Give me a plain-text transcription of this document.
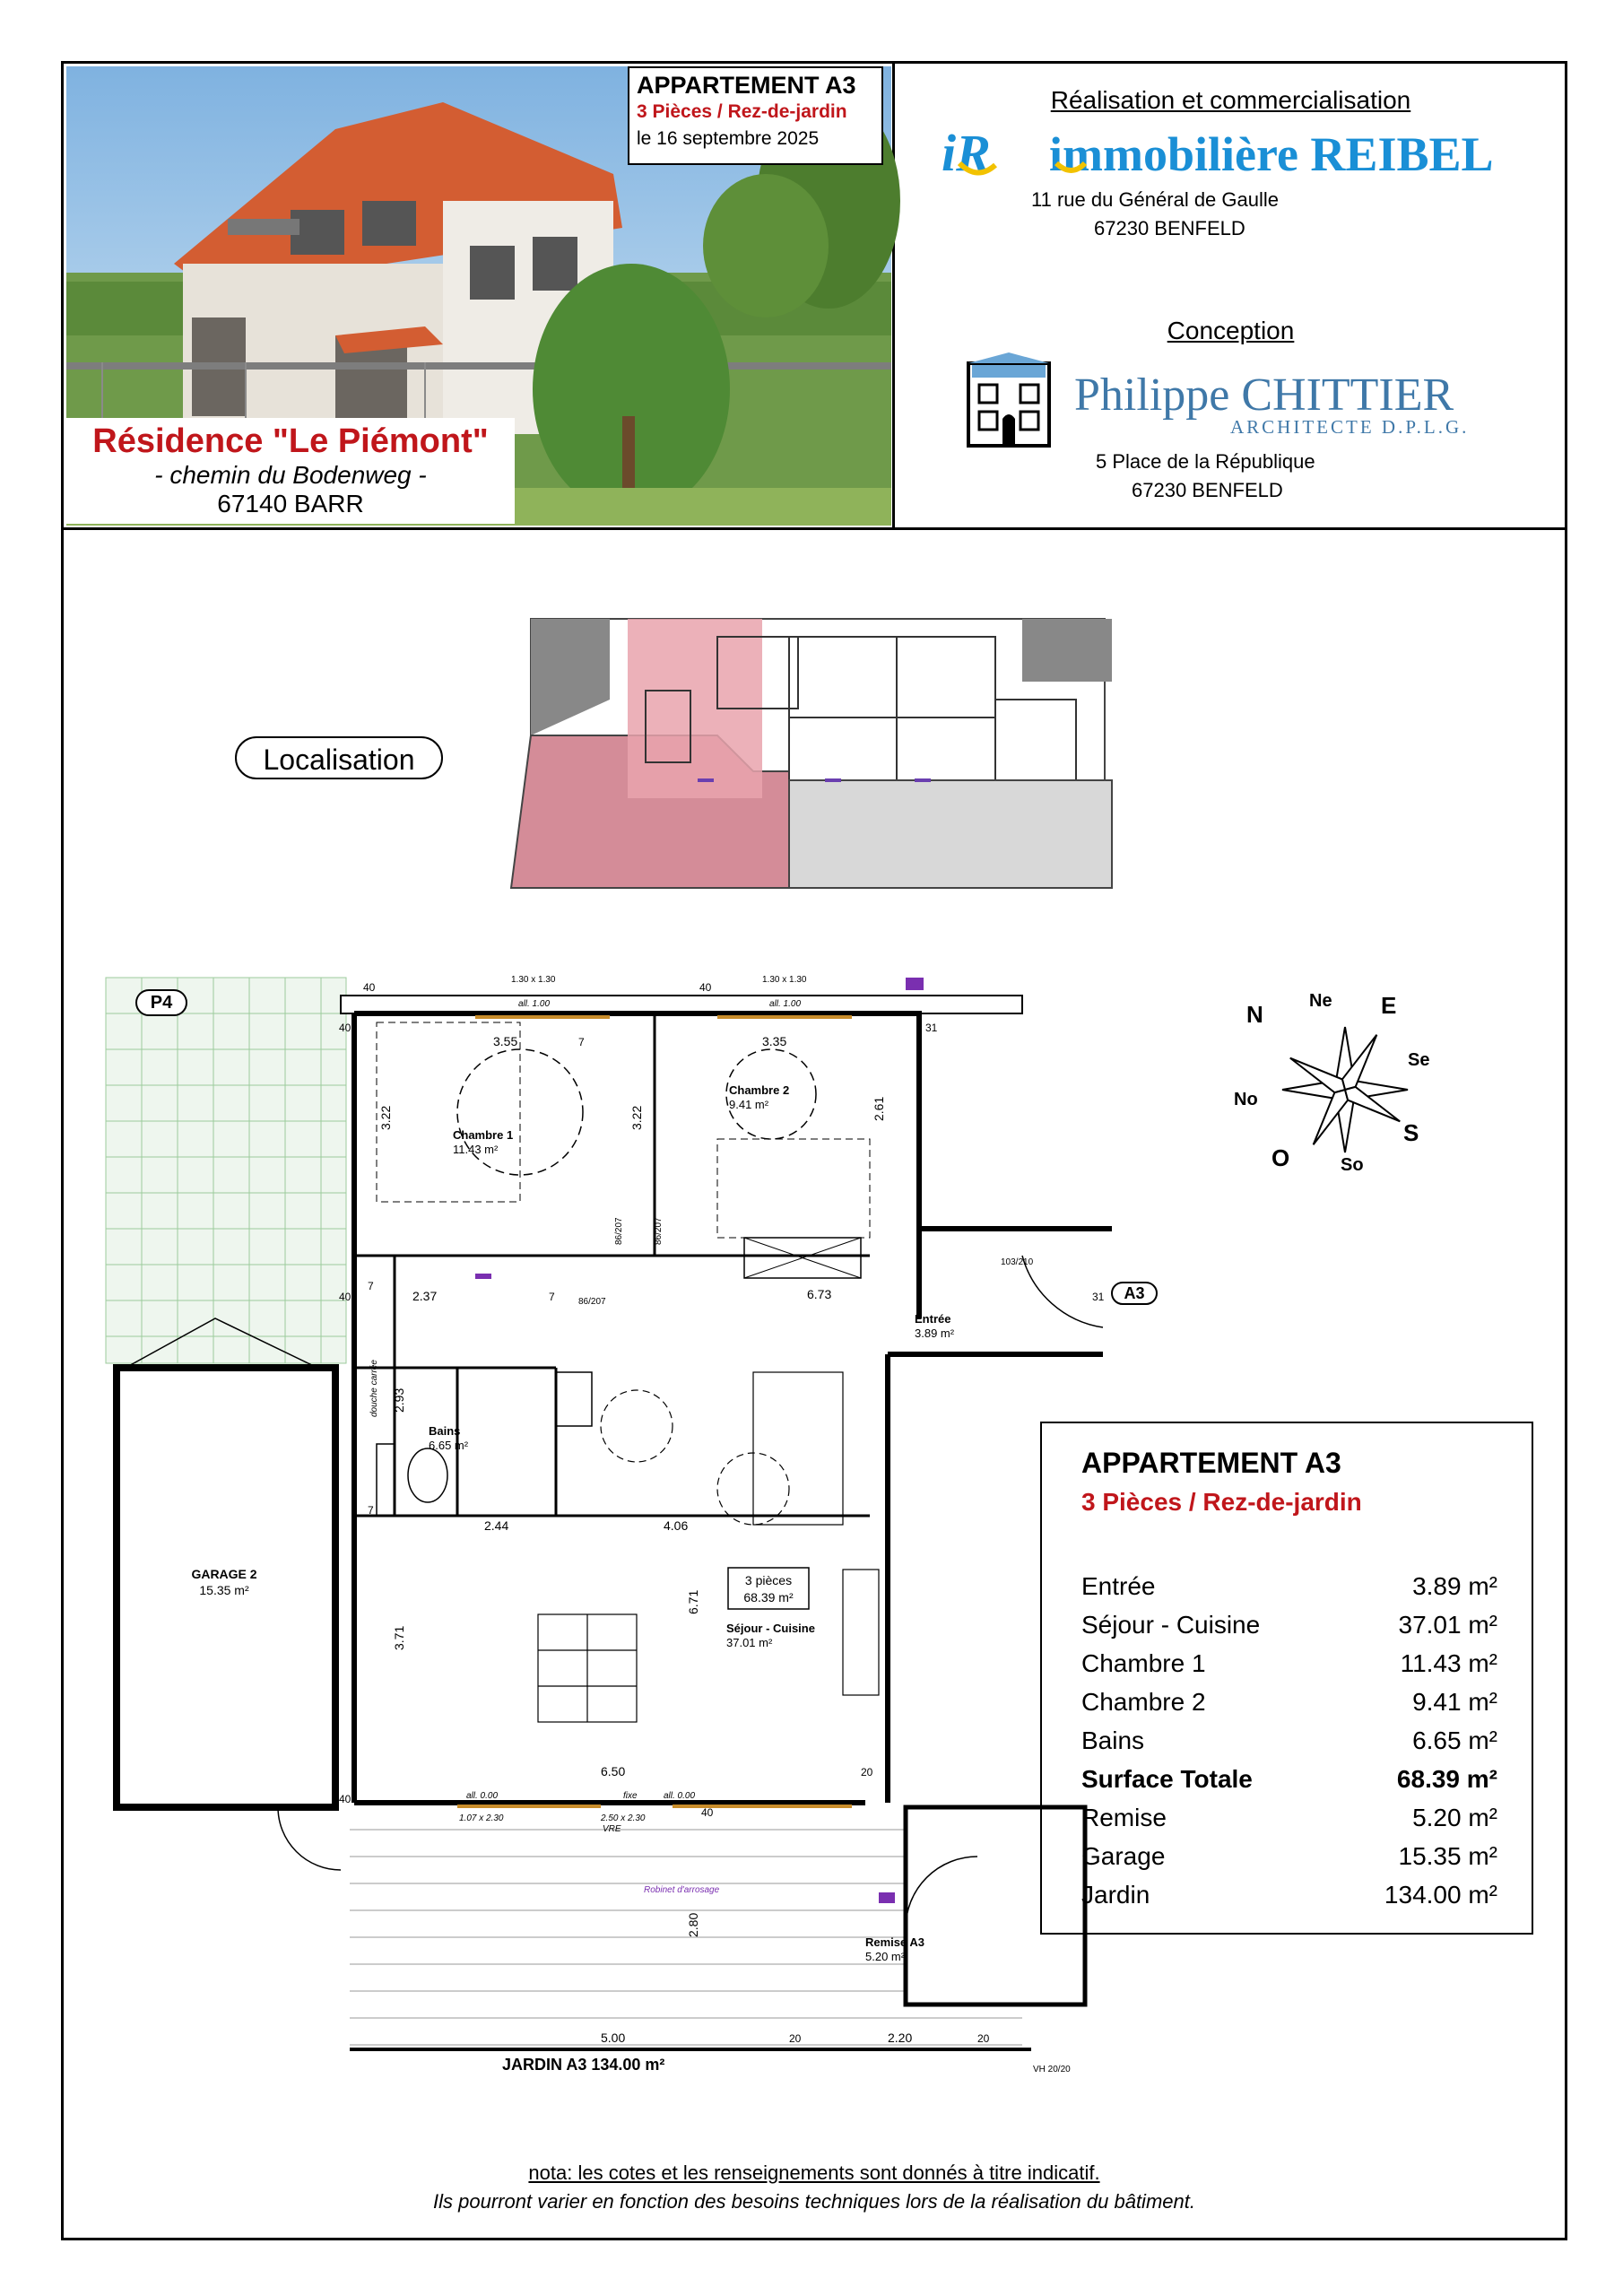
APPARTEMENT A3
3 Pièces / Rez-de-jardin
le 16 septembre 2025
Résidence "Le Piémont"
- chemin du Bodenweg -
67140 BARR
Réalisation et commercialisation
iR immobilière REIBEL
11 rue du Général de Gaulle
67230 BENFELD
Conception
Philippe CHITTIER
ARCHITECTE D.P.L.G.
5 Place de la République
67230 BENFELD
Localisation
P4
GARAGE 2
15.35 m²
A3
Chambre 1
Chambre 2
Entrée
Bains
Séjour - Cuisine
Remise A3
JARDIN A3 134.00 m²
11.43 m²
9.41 m²
3.89 m²
6.65 m²
37.01 m²
5.20 m²
3 pièces
68.39 m²
3.55	3.35
2.37	6.73
2.44	4.06
6.50
5.00	2.20
3.22	3.22	2.61
2.93
6.71
3.71
2.80
40
40
40
40	40
40
31
31
7
7
7
7
20
20	20
1.30 x 1.30
all. 1.00
1.30 x 1.30
all. 1.00
86/207
86/207	86/207
103/210
all. 0.00
1.07 x 2.30
fixe	all. 0.00
2.50 x 2.30
VRE
Robinet d'arrosage
VH 20/20
douche carrée
N	Ne E
Se
S
So
O
No
APPARTEMENT A3
3 Pièces / Rez-de-jardin
Entrée	3.89 m²
Séjour - Cuisine	37.01 m²
Chambre 1	11.43 m²
Chambre 2	9.41 m²
Bains	6.65 m²
Surface Totale	68.39 m²
Remise	5.20 m²
Garage	15.35 m²
Jardin	134.00 m²
nota: les cotes et les renseignements sont donnés à titre indicatif.
Ils pourront varier en fonction des besoins techniques lors de la réalisation du bâtiment.
